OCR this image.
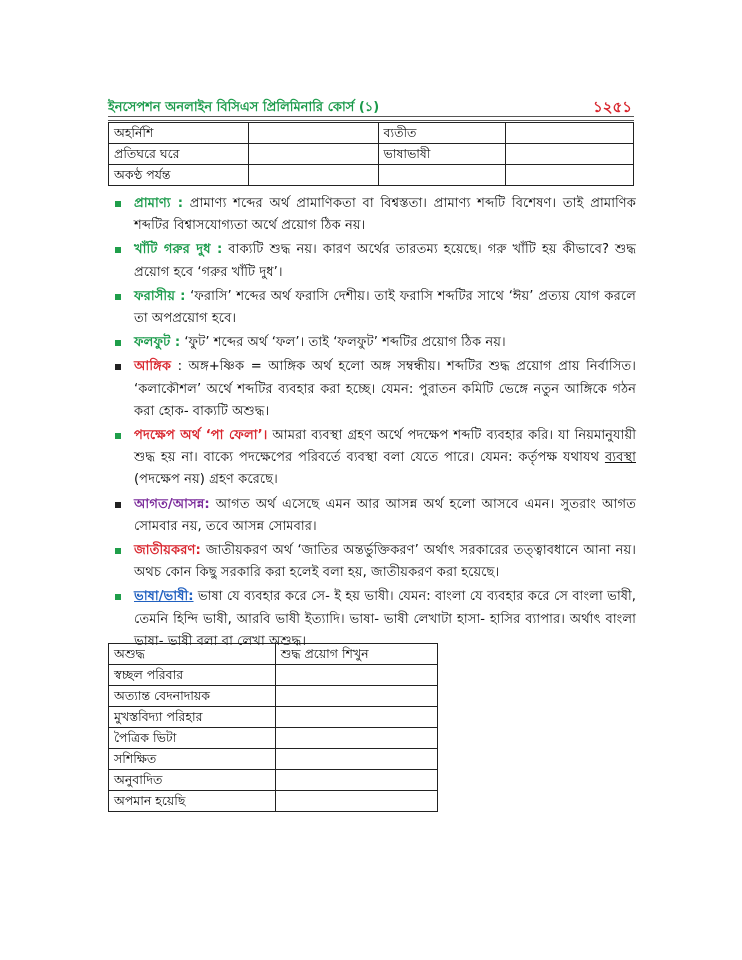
ইনসেপশন অনলাইন বিসিএস প্রিলিমিনারি কোর্স (১)	১২৫১
অহর্নিশি		ব্যতীত	
প্রতিঘরে ঘরে		ভাষাভাষী	
অকণ্ঠ পর্যন্ত			
প্রামাণ্য : প্রামাণ্য শব্দের অর্থ প্রামাণিকতা বা বিশ্বস্ততা। প্রামাণ্য শব্দটি বিশেষণ। তাই প্রামাণিক শব্দটির বিশ্বাসযোগ্যতা অর্থে প্রয়োগ ঠিক নয়।
খাঁটি গরুর দুধ : বাক্যটি শুদ্ধ নয়। কারণ অর্থের তারতম্য হয়েছে। গরু খাঁটি হয় কীভাবে? শুদ্ধ প্রয়োগ হবে ‘গরুর খাঁটি দুধ’।
ফরাসীয় : ‘ফরাসি’ শব্দের অর্থ ফরাসি দেশীয়। তাই ফরাসি শব্দটির সাথে ‘ঈয়’ প্রত্যয় যোগ করলে তা অপপ্রয়োগ হবে।
ফলফুট : ‘ফুট’ শব্দের অর্থ ‘ফল’। তাই ‘ফলফুট’ শব্দটির প্রয়োগ ঠিক নয়।
আঙ্গিক : অঙ্গ+ষ্ণিক = আঙ্গিক অর্থ হলো অঙ্গ সম্বন্ধীয়। শব্দটির শুদ্ধ প্রয়োগ প্রায় নির্বাসিত। ‘কলাকৌশল’ অর্থে শব্দটির ব্যবহার করা হচ্ছে। যেমন: পুরাতন কমিটি ভেঙ্গে নতুন আঙ্গিকে গঠন করা হোক- বাক্যটি অশুদ্ধ।
পদক্ষেপ অর্থ ‘পা ফেলা’। আমরা ব্যবস্থা গ্রহণ অর্থে পদক্ষেপ শব্দটি ব্যবহার করি। যা নিয়মানুযায়ী শুদ্ধ হয় না। বাক্যে পদক্ষেপের পরিবর্তে ব্যবস্থা বলা যেতে পারে। যেমন: কর্তৃপক্ষ যথাযথ ব্যবস্থা (পদক্ষেপ নয়) গ্রহণ করেছে।
আগত/আসন্ন: আগত অর্থ এসেছে এমন আর আসন্ন অর্থ হলো আসবে এমন। সুতরাং আগত সোমবার নয়, তবে আসন্ন সোমবার।
জাতীয়করণ: জাতীয়করণ অর্থ ‘জাতির অন্তর্ভুক্তিকরণ’ অর্থাৎ সরকারের তত্ত্বাবধানে আনা নয়। অথচ কোন কিছু সরকারি করা হলেই বলা হয়, জাতীয়করণ করা হয়েছে।
ভাষা/ভাষী: ভাষা যে ব্যবহার করে সে- ই হয় ভাষী। যেমন: বাংলা যে ব্যবহার করে সে বাংলা ভাষী, তেমনি হিন্দি ভাষী, আরবি ভাষী ইত্যাদি। ভাষা- ভাষী লেখাটা হাসা- হাসির ব্যাপার। অর্থাৎ বাংলা ভাষা- ভাষী বলা বা লেখা অশুদ্ধ।
অশুদ্ধ	শুদ্ধ প্রয়োগ শিখুন
স্বচ্ছল পরিবার	
অত্যান্ত বেদনাদায়ক	
মুখস্তবিদ্যা পরিহার	
পৈত্রিক ভিটা	
সশিক্ষিত	
অনুবাদিত	
অপমান হয়েছি	
